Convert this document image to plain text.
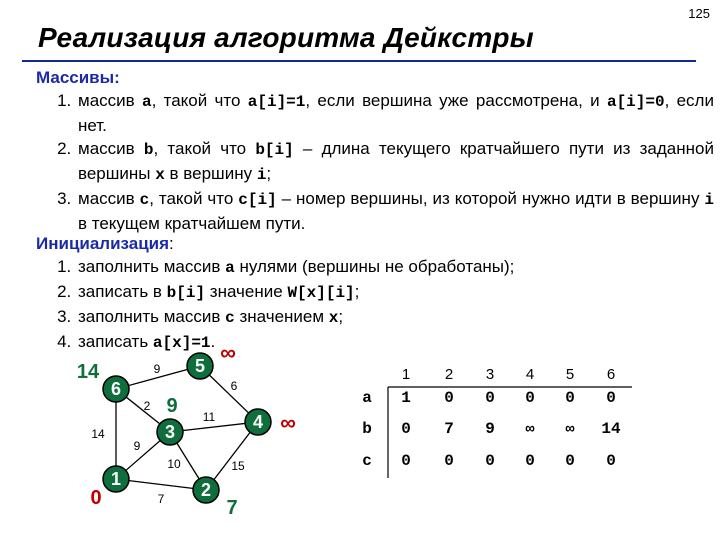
125
Реализация алгоритма Дейкстры
Массивы:
1. массив a, такой что a[i]=1, если вершина уже рассмотрена, и a[i]=0, если нет.
2. массив b, такой что b[i] – длина текущего кратчайшего пути из заданной вершины x в вершину i;
3. массив c, такой что c[i] – номер вершины, из которой нужно идти в вершину i в текущем кратчайшем пути.
Инициализация:
1. заполнить массив a нулями (вершины не обработаны);
2. записать в b[i] значение W[x][i];
3. заполнить массив c значением x;
4. записать a[x]=1.
9
6
2
14
11
9
10	15
7
1
2
3	4
5
6
0	7
9
∞
∞
14	1 2 3 4 5 6
a 1 0 0 0 0 0
b 0 7 9 ∞ ∞ 14
c 0 0 0 0 0 0
